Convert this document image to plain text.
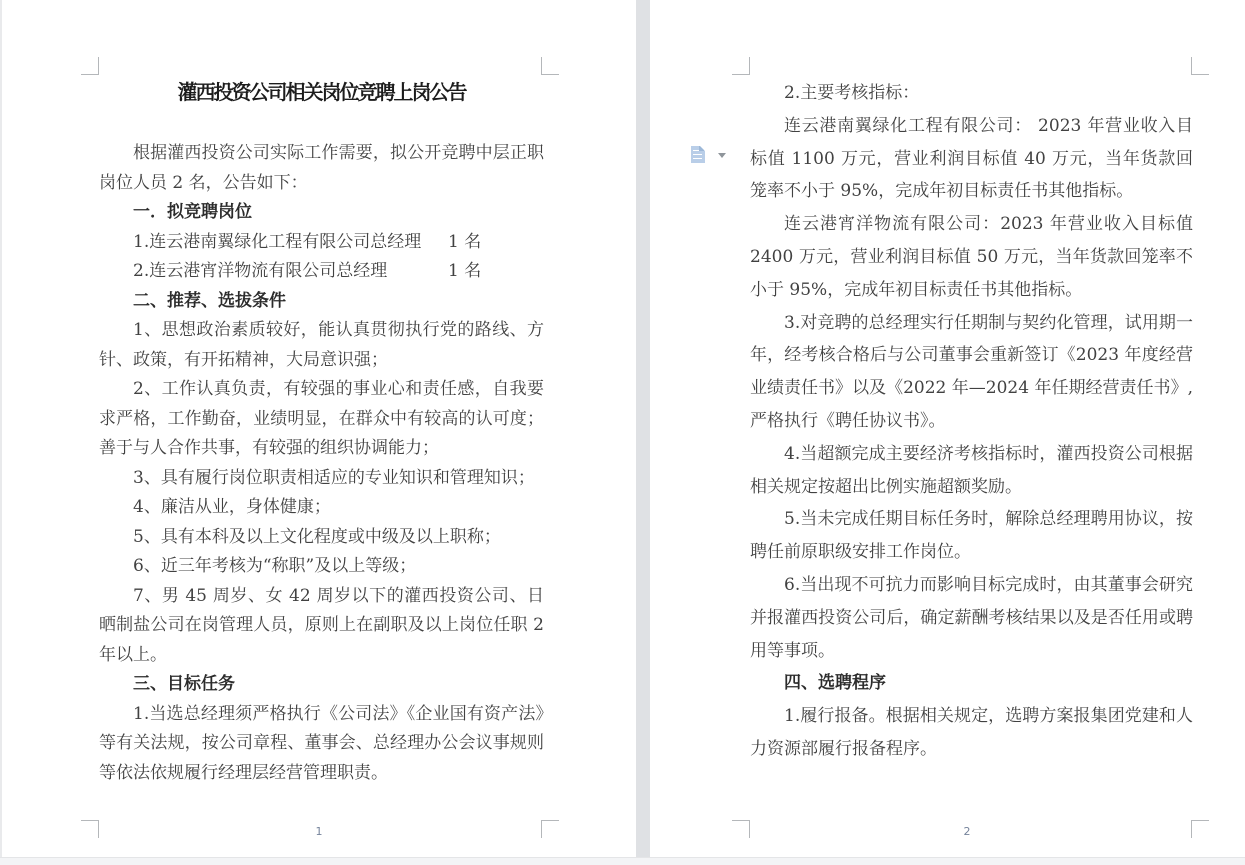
灌西投资公司相关岗位竞聘上岗公告

根据灌西投资公司实际工作需要，拟公开竞聘中层正职岗位人员 2 名，公告如下：

一．拟竞聘岗位

1.连云港南翼绿化工程有限公司总经理 1 名

2.连云港宵洋物流有限公司总经理	1 名

二、推荐、选拔条件

1、思想政治素质较好，能认真贯彻执行党的路线、方针、政策，有开拓精神，大局意识强；

2、工作认真负责，有较强的事业心和责任感，自我要求严格，工作勤奋，业绩明显，在群众中有较高的认可度；善于与人合作共事，有较强的组织协调能力；

3、具有履行岗位职责相适应的专业知识和管理知识；

4、廉洁从业，身体健康；

5、具有本科及以上文化程度或中级及以上职称；

6、近三年考核为“称职”及以上等级；

7、男 45 周岁、女 42 周岁以下的灌西投资公司、日晒制盐公司在岗管理人员，原则上在副职及以上岗位任职 2 年以上。

三、目标任务

1.当选总经理须严格执行《公司法》《企业国有资产法》等有关法规，按公司章程、董事会、总经理办公会议事规则等依法依规履行经理层经营管理职责。

1

2.主要考核指标：

连云港南翼绿化工程有限公司： 2023 年营业收入目标值 1100 万元，营业利润目标值 40 万元，当年货款回笼率不小于 95%，完成年初目标责任书其他指标。

连云港宵洋物流有限公司：2023 年营业收入目标值 2400 万元，营业利润目标值 50 万元，当年货款回笼率不小于 95%，完成年初目标责任书其他指标。

3.对竞聘的总经理实行任期制与契约化管理，试用期一年，经考核合格后与公司董事会重新签订《2023 年度经营业绩责任书》以及《2022 年—2024 年任期经营责任书》,严格执行《聘任协议书》。

4.当超额完成主要经济考核指标时，灌西投资公司根据相关规定按超出比例实施超额奖励。

5.当未完成任期目标任务时，解除总经理聘用协议，按聘任前原职级安排工作岗位。

6.当出现不可抗力而影响目标完成时，由其董事会研究并报灌西投资公司后，确定薪酬考核结果以及是否任用或聘用等事项。

四、选聘程序

1.履行报备。根据相关规定，选聘方案报集团党建和人力资源部履行报备程序。

2
